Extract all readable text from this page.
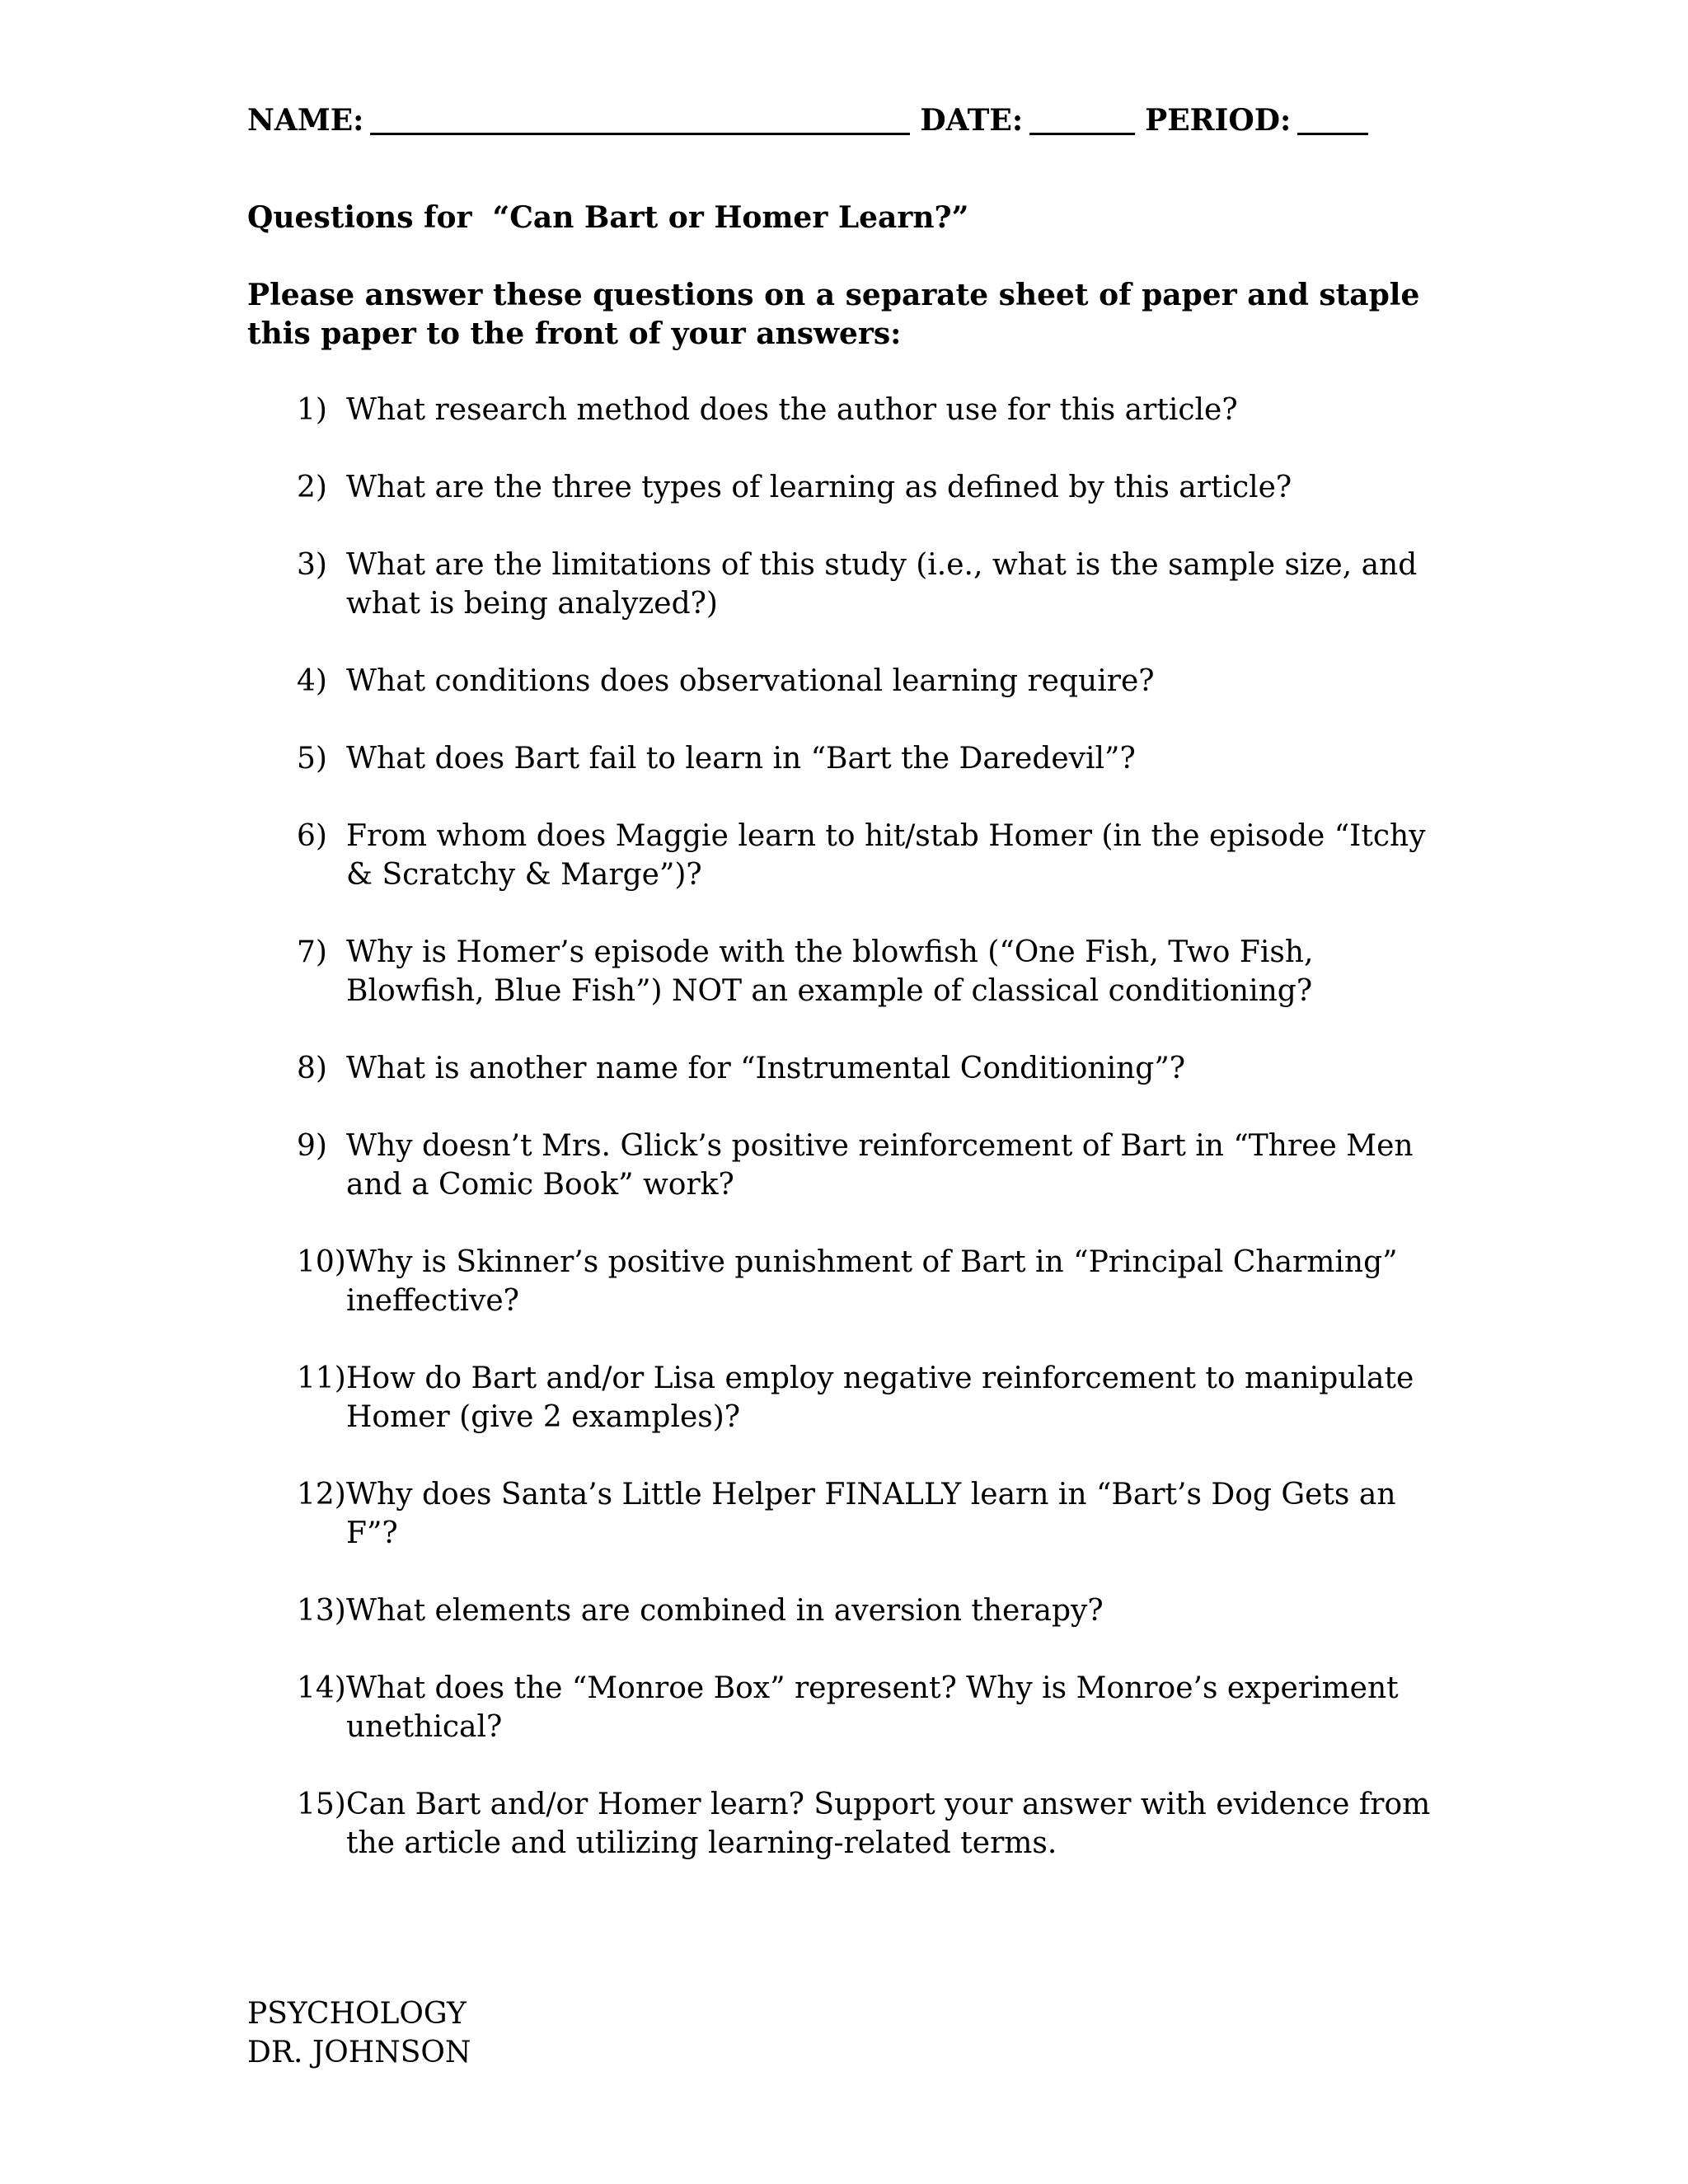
NAME:	DATE:	PERIOD:
Questions for  “Can Bart or Homer Learn?”
Please answer these questions on a separate sheet of paper and staple this paper to the front of your answers:
1) What research method does the author use for this article?
2) What are the three types of learning as defined by this article?
3) What are the limitations of this study (i.e., what is the sample size, and what is being analyzed?)
4) What conditions does observational learning require?
5) What does Bart fail to learn in “Bart the Daredevil”?
6) From whom does Maggie learn to hit/stab Homer (in the episode “Itchy & Scratchy & Marge”)?
7) Why is Homer’s episode with the blowfish (“One Fish, Two Fish, Blowfish, Blue Fish”) NOT an example of classical conditioning?
8) What is another name for “Instrumental Conditioning”?
9) Why doesn’t Mrs. Glick’s positive reinforcement of Bart in “Three Men and a Comic Book” work?
10) Why is Skinner’s positive punishment of Bart in “Principal Charming” ineffective?
11) How do Bart and/or Lisa employ negative reinforcement to manipulate Homer (give 2 examples)?
12) Why does Santa’s Little Helper FINALLY learn in “Bart’s Dog Gets an F”?
13) What elements are combined in aversion therapy?
14) What does the “Monroe Box” represent? Why is Monroe’s experiment unethical?
15) Can Bart and/or Homer learn? Support your answer with evidence from the article and utilizing learning-related terms.
PSYCHOLOGY
DR. JOHNSON
